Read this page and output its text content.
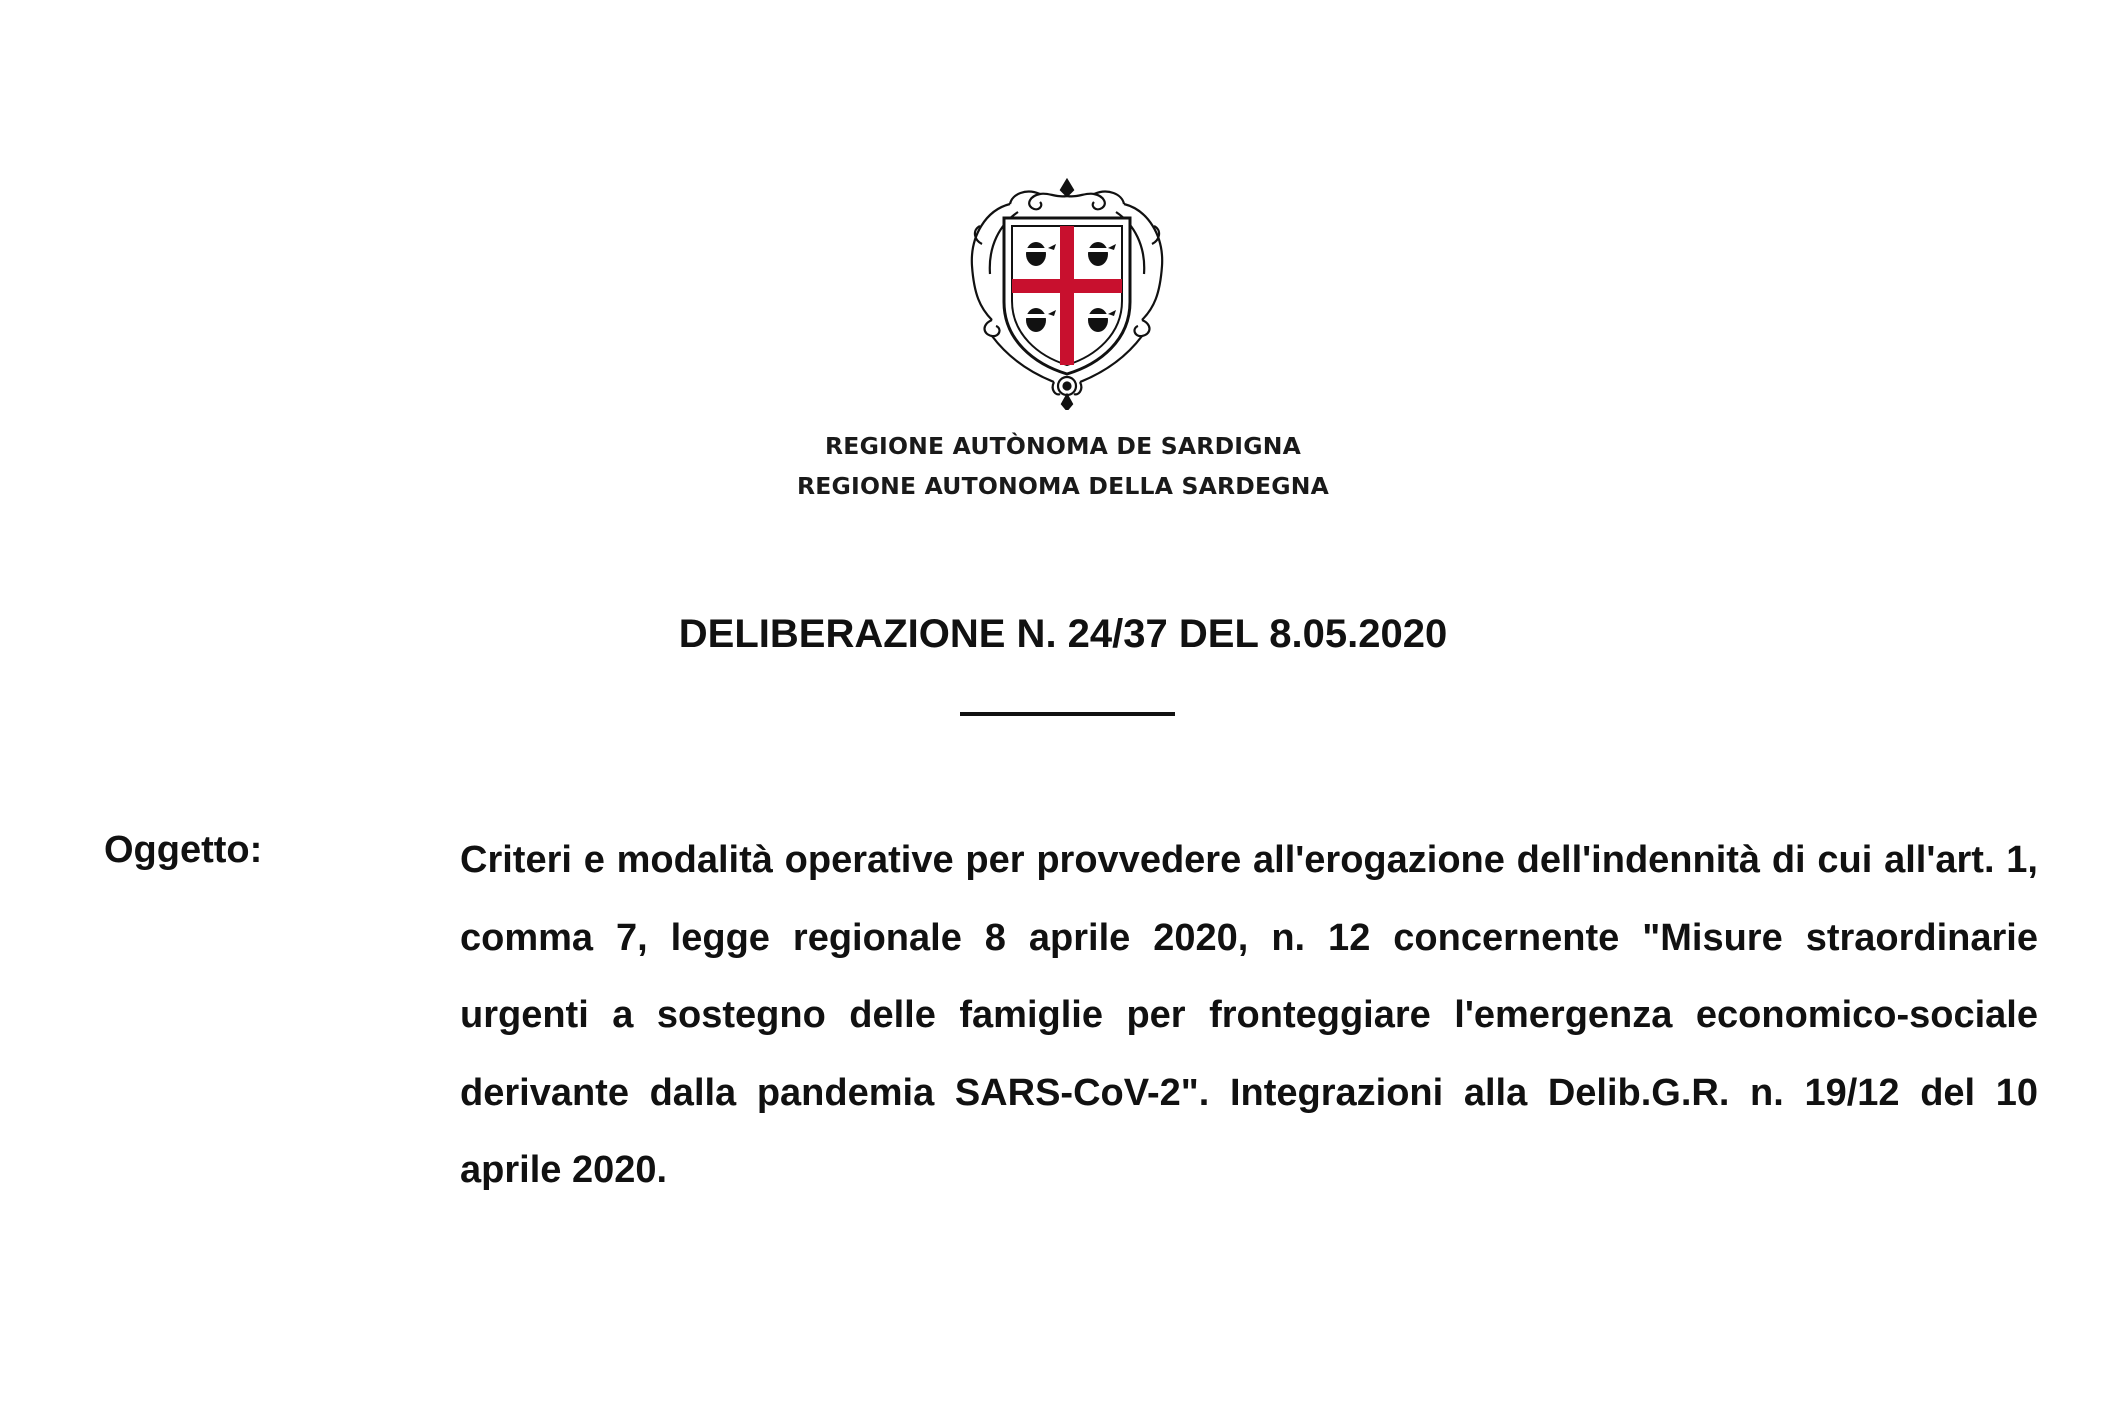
REGIONE AUTÒNOMA DE SARDIGNA
REGIONE AUTONOMA DELLA SARDEGNA
DELIBERAZIONE N. 24/37 DEL 8.05.2020
Oggetto:	Criteri e modalità operative per provvedere all'erogazione dell'indennità di cui all'art. 1, comma 7, legge regionale 8 aprile 2020, n. 12 concernente "Misure straordinarie urgenti a sostegno delle famiglie per fronteggiare l'emergenza economico-sociale derivante dalla pandemia SARS-CoV-2". Integrazioni alla Delib.G.R. n. 19/12 del 10 aprile 2020.
